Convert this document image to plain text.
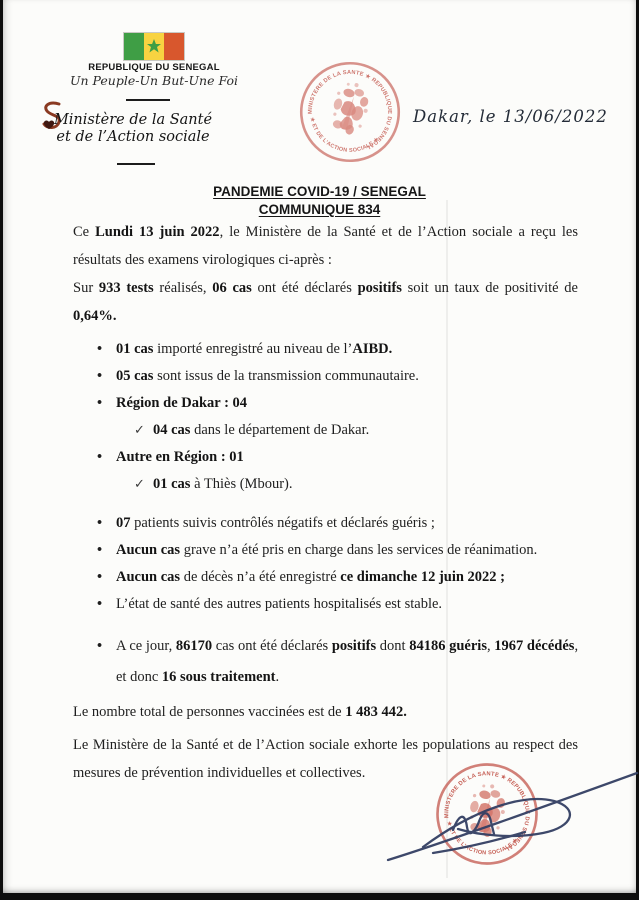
REPUBLIQUE DU SENEGAL
Un Peuple-Un But-Une Foi
Ministère de la Santé
et de l’Action sociale
Dakar, le 13/06/2022
PANDEMIE COVID-19 / SENEGAL
COMMUNIQUE 834
Ce Lundi 13 juin 2022, le Ministère de la Santé et de l’Action sociale a reçu les résultats des examens virologiques ci-après :
Sur 933 tests réalisés, 06 cas ont été déclarés positifs soit un taux de positivité de 0,64%.
• 01 cas importé enregistré au niveau de l’AIBD.
• 05 cas sont issus de la transmission communautaire.
• Région de Dakar : 04
✓ 04 cas dans le département de Dakar.
• Autre en Région : 01
✓ 01 cas à Thiès (Mbour).
• 07 patients suivis contrôlés négatifs et déclarés guéris ;
• Aucun cas grave n’a été pris en charge dans les services de réanimation.
• Aucun cas de décès n’a été enregistré ce dimanche 12 juin 2022 ;
• L’état de santé des autres patients hospitalisés est stable.
• A ce jour, 86170 cas ont été déclarés positifs dont 84186 guéris, 1967 décédés, et donc 16 sous traitement.
Le nombre total de personnes vaccinées est de 1 483 442.
Le Ministère de la Santé et de l’Action sociale exhorte les populations au respect des mesures de prévention individuelles et collectives.
